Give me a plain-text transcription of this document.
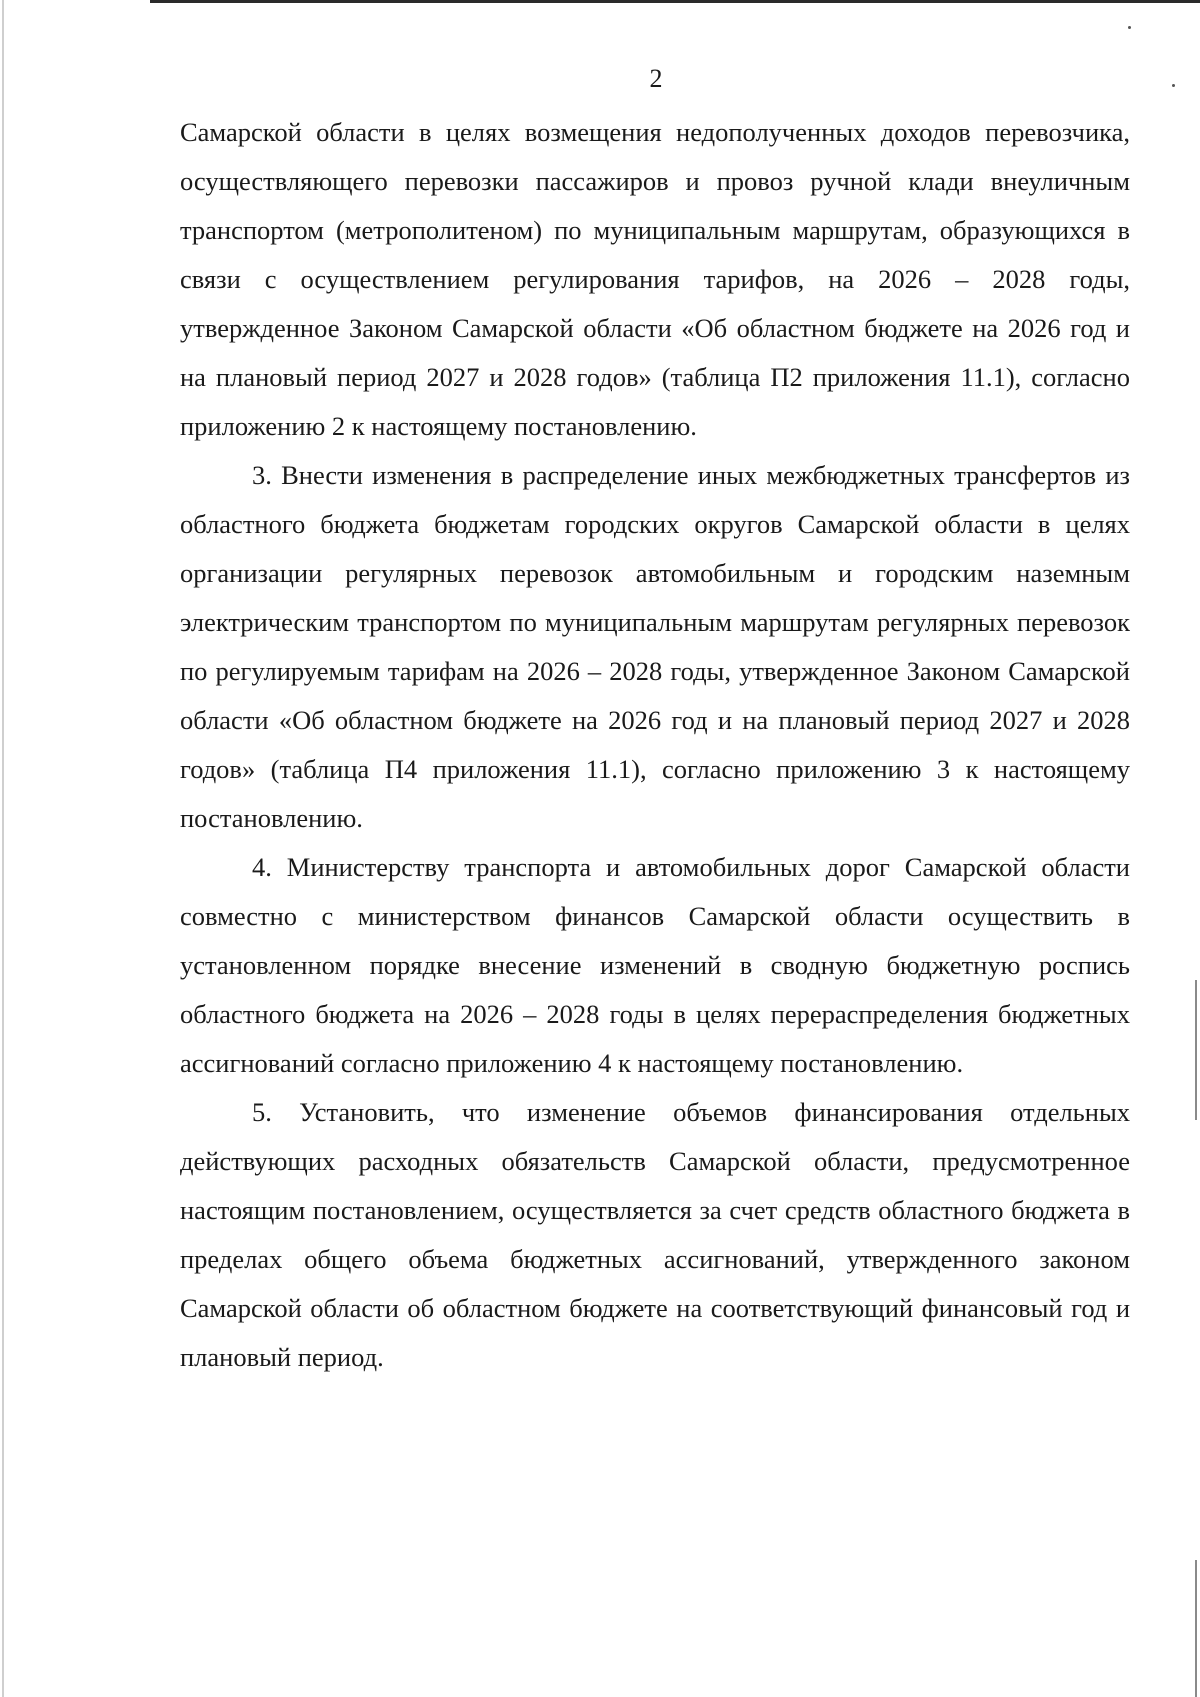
2

Самарской области в целях возмещения недополученных доходов перевозчика, осуществляющего перевозки пассажиров и провоз ручной клади внеуличным транспортом (метрополитеном) по муниципальным маршрутам, образующихся в связи с осуществлением регулирования тарифов, на 2026 – 2028 годы, утвержденное Законом Самарской области «Об областном бюджете на 2026 год и на плановый период 2027 и 2028 годов» (таблица П2 приложения 11.1), согласно приложению 2 к настоящему постановлению.

3. Внести изменения в распределение иных межбюджетных трансфертов из областного бюджета бюджетам городских округов Самарской области в целях организации регулярных перевозок автомобильным и городским наземным электрическим транспортом по муниципальным маршрутам регулярных перевозок по регулируемым тарифам на 2026 – 2028 годы, утвержденное Законом Самарской области «Об областном бюджете на 2026 год и на плановый период 2027 и 2028 годов» (таблица П4 приложения 11.1), согласно приложению 3 к настоящему постановлению.

4. Министерству транспорта и автомобильных дорог Самарской области совместно с министерством финансов Самарской области осуществить в установленном порядке внесение изменений в сводную бюджетную роспись областного бюджета на 2026 – 2028 годы в целях перераспределения бюджетных ассигнований согласно приложению 4 к настоящему постановлению.

5. Установить, что изменение объемов финансирования отдельных действующих расходных обязательств Самарской области, предусмотренное настоящим постановлением, осуществляется за счет средств областного бюджета в пределах общего объема бюджетных ассигнований, утвержденного законом Самарской области об областном бюджете на соответствующий финансовый год и плановый период.
